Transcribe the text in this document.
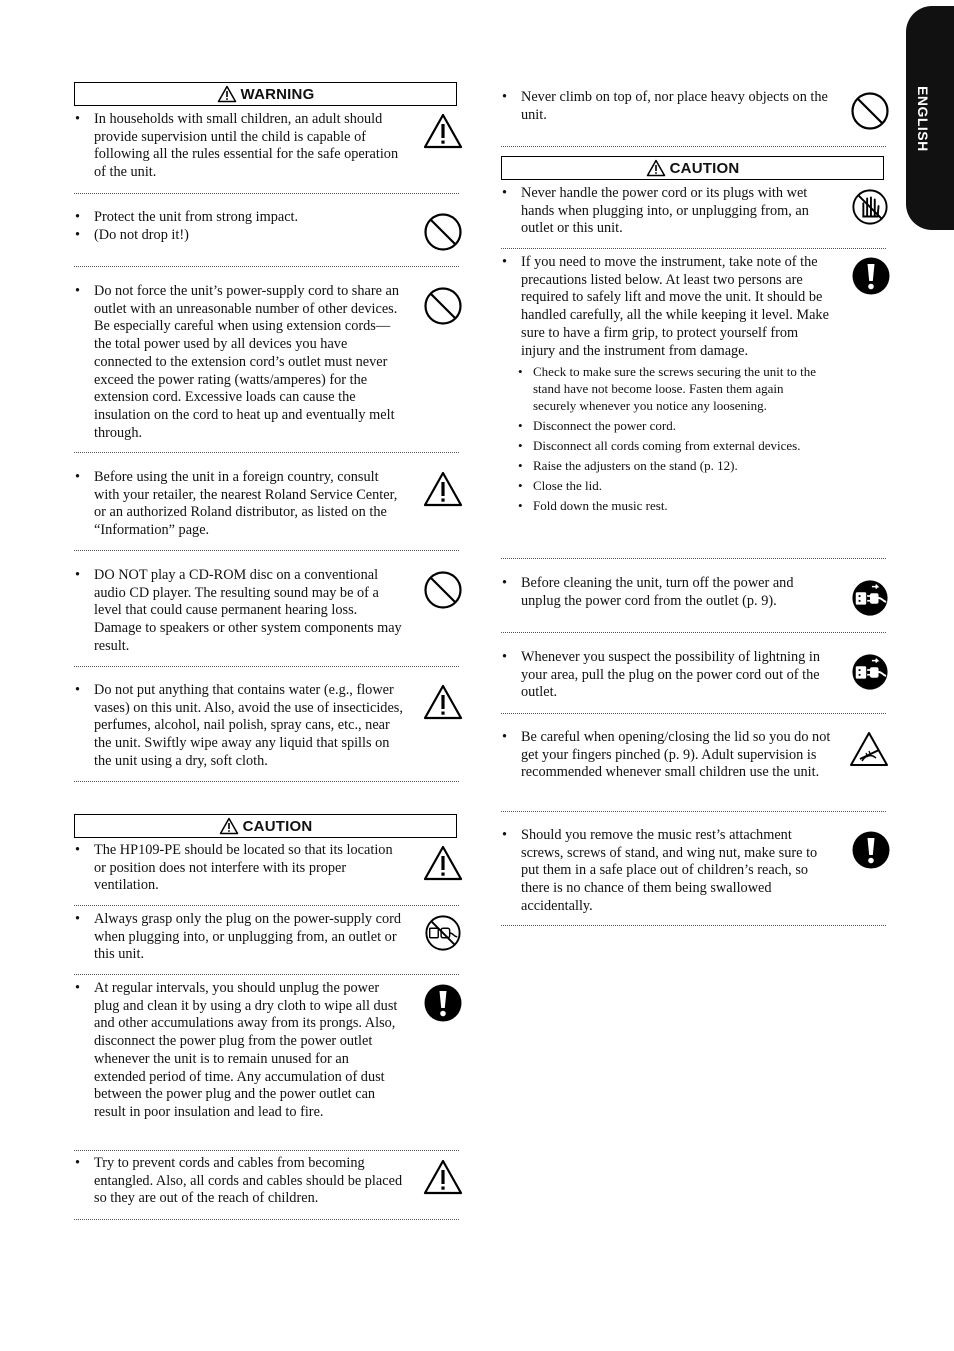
ENGLISH
WARNING
• In households with small children, an adult should provide supervision until the child is capable of following all the rules essential for the safe operation of the unit.
• Protect the unit from strong impact.
• (Do not drop it!)
• Do not force the unit’s power-supply cord to share an outlet with an unreasonable number of other devices. Be especially careful when using extension cords—the total power used by all devices you have connected to the extension cord’s outlet must never exceed the power rating (watts/amperes) for the extension cord. Excessive loads can cause the insulation on the cord to heat up and eventually melt through.
• Before using the unit in a foreign country, consult with your retailer, the nearest Roland Service Center, or an authorized Roland distributor, as listed on the “Information” page.
• DO NOT play a CD-ROM disc on a conventional audio CD player. The resulting sound may be of a level that could cause permanent hearing loss. Damage to speakers or other system components may result.
• Do not put anything that contains water (e.g., flower vases) on this unit. Also, avoid the use of insecticides, perfumes, alcohol, nail polish, spray cans, etc., near the unit. Swiftly wipe away any liquid that spills on the unit using a dry, soft cloth.
CAUTION
• The HP109-PE should be located so that its location or position does not interfere with its proper ventilation.
• Always grasp only the plug on the power-supply cord when plugging into, or unplugging from, an outlet or this unit.
• At regular intervals, you should unplug the power plug and clean it by using a dry cloth to wipe all dust and other accumulations away from its prongs. Also, disconnect the power plug from the power outlet whenever the unit is to remain unused for an extended period of time. Any accumulation of dust between the power plug and the power outlet can result in poor insulation and lead to fire.
• Try to prevent cords and cables from becoming entangled. Also, all cords and cables should be placed so they are out of the reach of children.
• Never climb on top of, nor place heavy objects on the unit.
CAUTION
• Never handle the power cord or its plugs with wet hands when plugging into, or unplugging from, an outlet or this unit.
• If you need to move the instrument, take note of the precautions listed below. At least two persons are required to safely lift and move the unit. It should be handled carefully, all the while keeping it level. Make sure to have a firm grip, to protect yourself from injury and the instrument from damage.
• Check to make sure the screws securing the unit to the stand have not become loose. Fasten them again securely whenever you notice any loosening.
• Disconnect the power cord.
• Disconnect all cords coming from external devices.
• Raise the adjusters on the stand (p. 12).
• Close the lid.
• Fold down the music rest.
• Before cleaning the unit, turn off the power and unplug the power cord from the outlet (p. 9).
• Whenever you suspect the possibility of lightning in your area, pull the plug on the power cord out of the outlet.
• Be careful when opening/closing the lid so you do not get your fingers pinched (p. 9). Adult supervision is recommended whenever small children use the unit.
• Should you remove the music rest’s attachment screws, screws of stand, and wing nut, make sure to put them in a safe place out of children’s reach, so there is no chance of them being swallowed accidentally.
